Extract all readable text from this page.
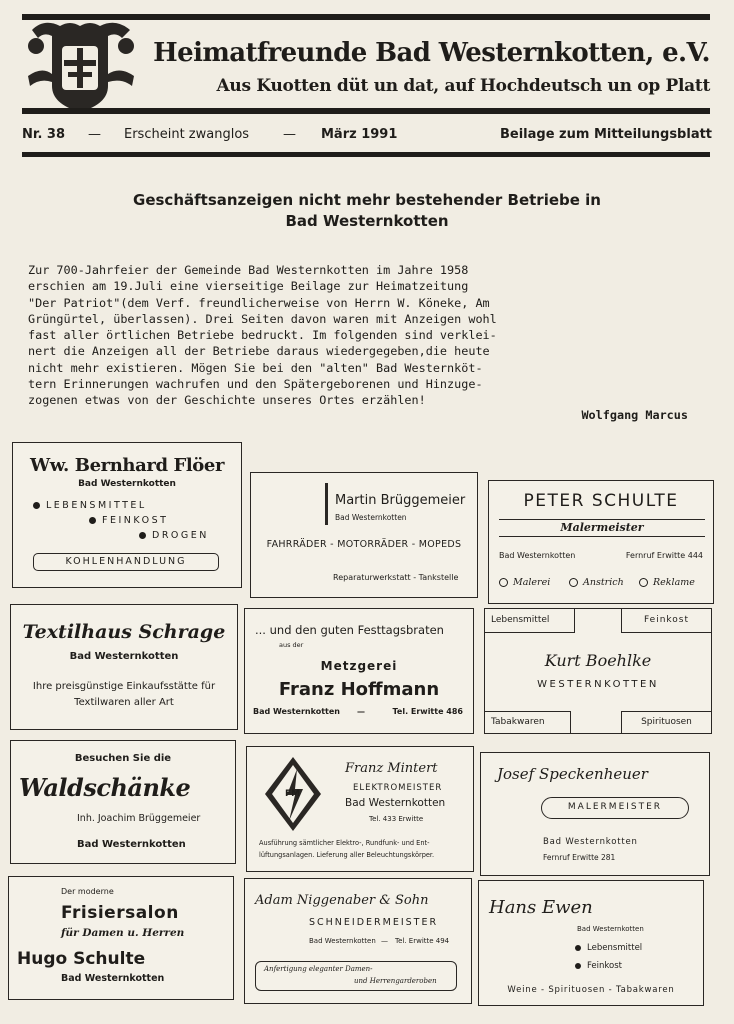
Heimatfreunde Bad Westernkotten, e.V.
Aus Kuotten düt un dat, auf Hochdeutsch un op Platt
Nr. 38 — Erscheint zwanglos	— März 1991	Beilage zum Mitteilungsblatt
Geschäftsanzeigen nicht mehr bestehender Betriebe in
Bad Westernkotten
Zur 700-Jahrfeier der Gemeinde Bad Westernkotten im Jahre 1958
erschien am 19.Juli eine vierseitige Beilage zur Heimatzeitung
"Der Patriot"(dem Verf. freundlicherweise von Herrn W. Köneke, Am
Grüngürtel, überlassen). Drei Seiten davon waren mit Anzeigen wohl
fast aller örtlichen Betriebe bedruckt. Im folgenden sind verklei-
nert die Anzeigen all der Betriebe daraus wiedergegeben,die heute
nicht mehr existieren. Mögen Sie bei den "alten" Bad Westernköt-
tern Erinnerungen wachrufen und den Spätergeborenen und Hinzuge-
zogenen etwas von der Geschichte unseres Ortes erzählen!
Wolfgang Marcus
Ww. Bernhard Flöer
Bad Westernkotten
LEBENSMITTEL
FEINKOST
DROGEN
KOHLENHANDLUNG
Martin Brüggemeier
Bad Westernkotten
FAHRRÄDER - MOTORRÄDER - MOPEDS
Reparaturwerkstatt - Tankstelle
PETER SCHULTE
Malermeister
Bad Westernkotten	Fernruf Erwitte 444
Malerei	Anstrich	Reklame
Textilhaus Schrage
Bad Westernkotten
Ihre preisgünstige Einkaufsstätte für
Textilwaren aller Art
... und den guten Festtagsbraten
aus der
Metzgerei
Franz Hoffmann
Bad Westernkotten —	Tel. Erwitte 486
Lebensmittel	Feinkost
Kurt Boehlke
WESTERNKOTTEN
Tabakwaren	Spirituosen
Besuchen Sie die
Waldschänke
Inh. Joachim Brüggemeier
Bad Westernkotten
FM
Franz Mintert
ELEKTROMEISTER
Bad Westernkotten
Tel. 433 Erwitte
Ausführung sämtlicher Elektro-, Rundfunk- und Ent-
lüftungsanlagen. Lieferung aller Beleuchtungskörper.
Josef Speckenheuer
MALERMEISTER
Bad Westernkotten
Fernruf Erwitte 281
Der moderne
Frisiersalon
für Damen u. Herren
Hugo Schulte
Bad Westernkotten
Adam Niggenaber & Sohn
SCHNEIDERMEISTER
Bad Westernkotten — Tel. Erwitte 494
Anfertigung eleganter Damen-
und Herrengarderoben
Hans Ewen
Bad Westernkotten
Lebensmittel
Feinkost
Weine - Spirituosen - Tabakwaren
